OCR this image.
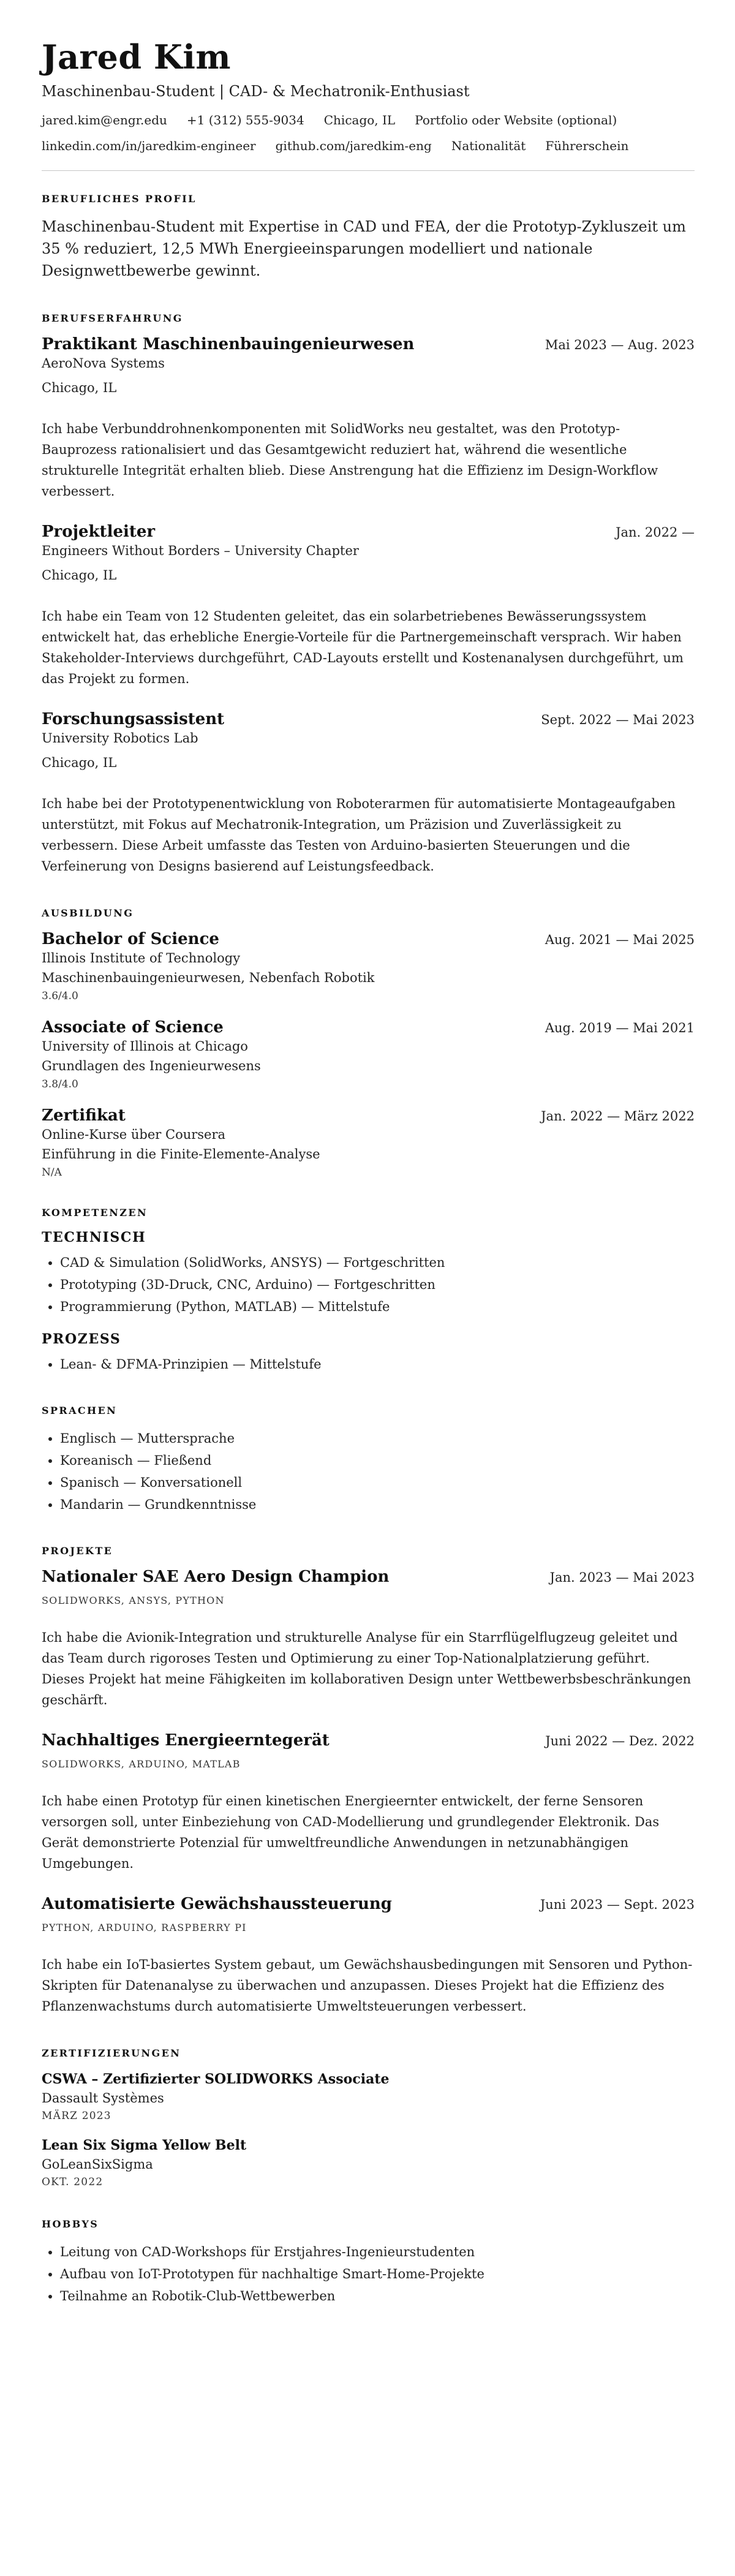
Jared Kim
Maschinenbau-Student | CAD- & Mechatronik-Enthusiast
jared.kim@engr.edu +1 (312) 555-9034 Chicago, IL Portfolio oder Website (optional)
linkedin.com/in/jaredkim-engineer github.com/jaredkim-eng Nationalität Führerschein
BERUFLICHES PROFIL

Maschinenbau-Student mit Expertise in CAD und FEA, der die Prototyp-Zykluszeit um 35 % reduziert, 12,5 MWh Energieeinsparungen modelliert und nationale Designwettbewerbe gewinnt.

BERUFSERFAHRUNG
Praktikant Maschinenbauingenieurwesen	Mai 2023 — Aug. 2023
AeroNova Systems
Chicago, IL
Ich habe Verbunddrohnenkomponenten mit SolidWorks neu gestaltet, was den Prototyp-Bauprozess rationalisiert und das Gesamtgewicht reduziert hat, während die wesentliche strukturelle Integrität erhalten blieb. Diese Anstrengung hat die Effizienz im Design-Workflow verbessert.
Projektleiter	Jan. 2022 —
Engineers Without Borders – University Chapter
Chicago, IL
Ich habe ein Team von 12 Studenten geleitet, das ein solarbetriebenes Bewässerungssystem entwickelt hat, das erhebliche Energie-Vorteile für die Partnergemeinschaft versprach. Wir haben Stakeholder-Interviews durchgeführt, CAD-Layouts erstellt und Kostenanalysen durchgeführt, um das Projekt zu formen.
Forschungsassistent	Sept. 2022 — Mai 2023
University Robotics Lab
Chicago, IL
Ich habe bei der Prototypenentwicklung von Roboterarmen für automatisierte Montageaufgaben unterstützt, mit Fokus auf Mechatronik-Integration, um Präzision und Zuverlässigkeit zu verbessern. Diese Arbeit umfasste das Testen von Arduino-basierten Steuerungen und die Verfeinerung von Designs basierend auf Leistungsfeedback.
AUSBILDUNG
Bachelor of Science	Aug. 2021 — Mai 2025
Illinois Institute of Technology
Maschinenbauingenieurwesen, Nebenfach Robotik
3.6/4.0
Associate of Science	Aug. 2019 — Mai 2021
University of Illinois at Chicago
Grundlagen des Ingenieurwesens
3.8/4.0
Zertifikat	Jan. 2022 — März 2022
Online-Kurse über Coursera
Einführung in die Finite-Elemente-Analyse
N/A
KOMPETENZEN
TECHNISCH
• CAD & Simulation (SolidWorks, ANSYS) — Fortgeschritten
• Prototyping (3D-Druck, CNC, Arduino) — Fortgeschritten
• Programmierung (Python, MATLAB) — Mittelstufe
PROZESS
• Lean- & DFMA-Prinzipien — Mittelstufe
SPRACHEN
• Englisch — Muttersprache
• Koreanisch — Fließend
• Spanisch — Konversationell
• Mandarin — Grundkenntnisse
PROJEKTE
Nationaler SAE Aero Design Champion	Jan. 2023 — Mai 2023
SOLIDWORKS, ANSYS, PYTHON
Ich habe die Avionik-Integration und strukturelle Analyse für ein Starrflügelflugzeug geleitet und das Team durch rigoroses Testen und Optimierung zu einer Top-Nationalplatzierung geführt. Dieses Projekt hat meine Fähigkeiten im kollaborativen Design unter Wettbewerbsbeschränkungen geschärft.
Nachhaltiges Energieerntegerät	Juni 2022 — Dez. 2022
SOLIDWORKS, ARDUINO, MATLAB
Ich habe einen Prototyp für einen kinetischen Energieernter entwickelt, der ferne Sensoren versorgen soll, unter Einbeziehung von CAD-Modellierung und grundlegender Elektronik. Das Gerät demonstrierte Potenzial für umweltfreundliche Anwendungen in netzunabhängigen Umgebungen.
Automatisierte Gewächshaussteuerung	Juni 2023 — Sept. 2023
PYTHON, ARDUINO, RASPBERRY PI
Ich habe ein IoT-basiertes System gebaut, um Gewächshausbedingungen mit Sensoren und Python-Skripten für Datenanalyse zu überwachen und anzupassen. Dieses Projekt hat die Effizienz des Pflanzenwachstums durch automatisierte Umweltsteuerungen verbessert.
ZERTIFIZIERUNGEN
CSWA – Zertifizierter SOLIDWORKS Associate
Dassault Systèmes
MÄRZ 2023
Lean Six Sigma Yellow Belt
GoLeanSixSigma
OKT. 2022
HOBBYS
• Leitung von CAD-Workshops für Erstjahres-Ingenieurstudenten
• Aufbau von IoT-Prototypen für nachhaltige Smart-Home-Projekte
• Teilnahme an Robotik-Club-Wettbewerben
